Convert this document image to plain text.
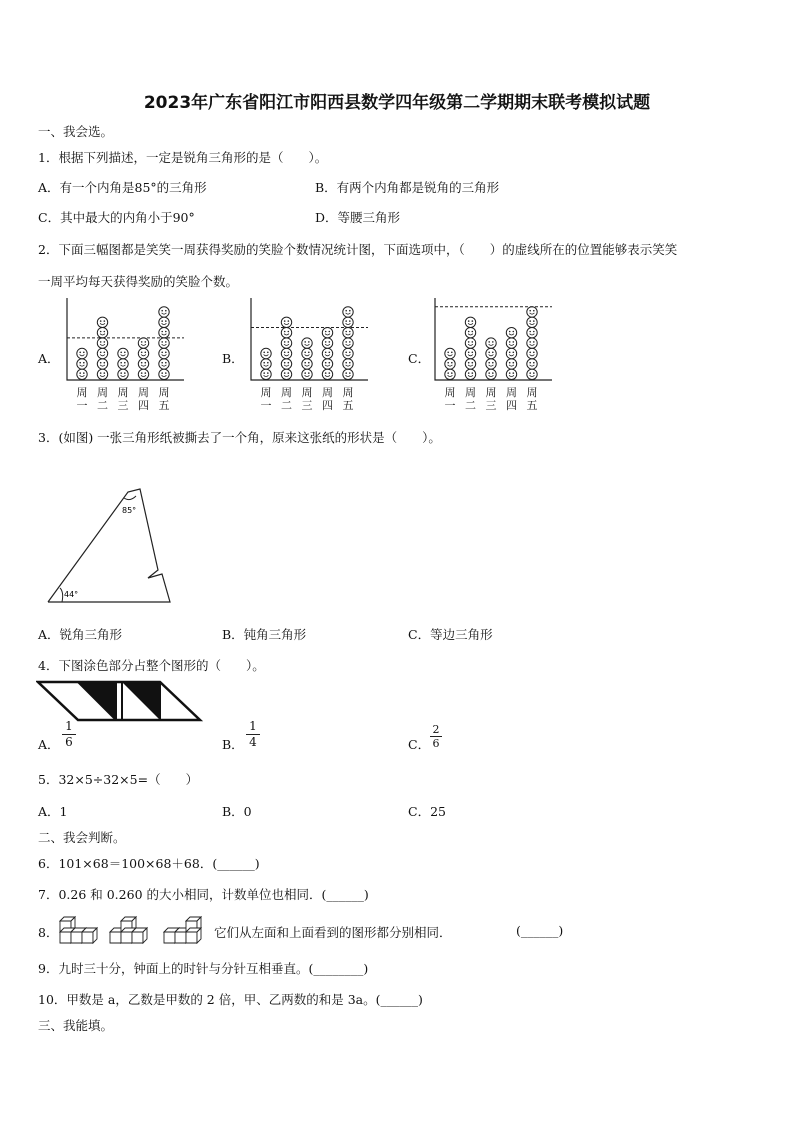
2023年广东省阳江市阳西县数学四年级第二学期期末联考模拟试题
一、我会选。
1．根据下列描述，一定是锐角三角形的是（　　）。
A．有一个内角是85°的三角形	B．有两个内角都是锐角的三角形
C．其中最大的内角小于90°	D．等腰三角形
2．下面三幅图都是笑笑一周获得奖励的笑脸个数情况统计图，下面选项中，（　　）的虚线所在的位置能够表示笑笑
一周平均每天获得奖励的笑脸个数。
A．	B．	C．
周一
周二
周三
周四
周五
周一
周二
周三
周四
周五
周一
周二
周三
周四
周五
3．(如图) 一张三角形纸被撕去了一个角，原来这张纸的形状是（　　）。
85°
44°
A．锐角三角形	B．钝角三角形	C．等边三角形
4．下图涂色部分占整个图形的（　　）。
A．
1
6	B．
1
4	C．
2
6
5．32×5÷32×5=（　　）
A．1	B．0	C．25
二、我会判断。
6．101×68＝100×68＋68．(______)
7．0.26 和 0.260 的大小相同，计数单位也相同．(______)
8．	它们从左面和上面看到的图形都分别相同．	(______)
9．九时三十分，钟面上的时针与分针互相垂直。(________)
10．甲数是 a，乙数是甲数的 2 倍，甲、乙两数的和是 3a。(______)
三、我能填。
